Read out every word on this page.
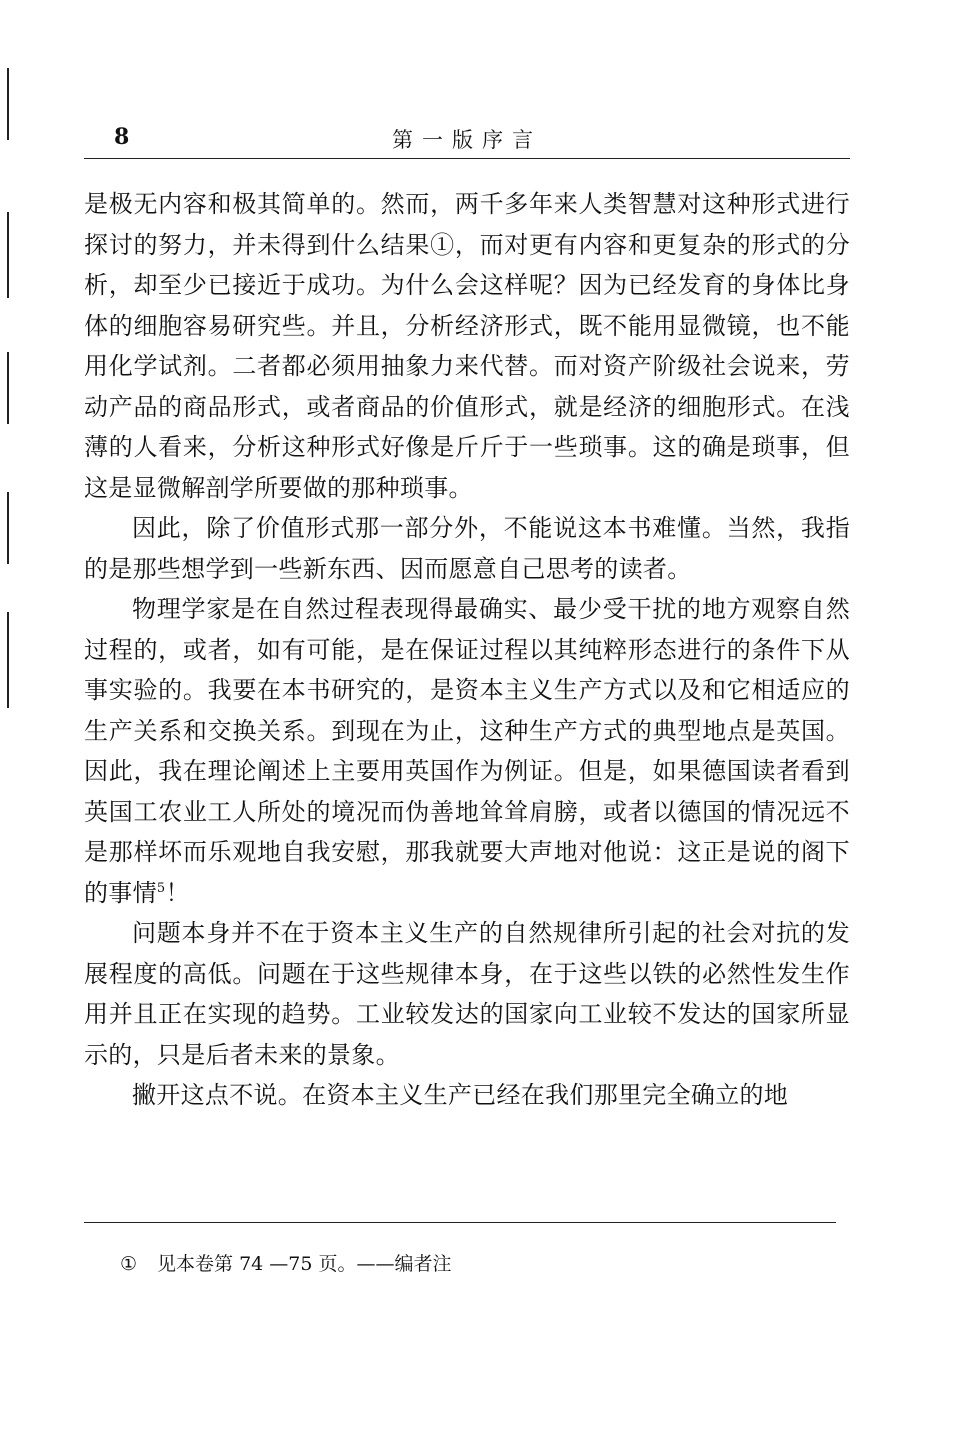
8	第一版序言

是极无内容和极其简单的。然而，两千多年来人类智慧对这种形式进行探讨的努力，并未得到什么结果①，而对更有内容和更复杂的形式的分析，却至少已接近于成功。为什么会这样呢？因为已经发育的身体比身体的细胞容易研究些。并且，分析经济形式，既不能用显微镜，也不能用化学试剂。二者都必须用抽象力来代替。而对资产阶级社会说来，劳动产品的商品形式，或者商品的价值形式，就是经济的细胞形式。在浅薄的人看来，分析这种形式好像是斤斤于一些琐事。这的确是琐事，但这是显微解剖学所要做的那种琐事。

因此，除了价值形式那一部分外，不能说这本书难懂。当然，我指的是那些想学到一些新东西、因而愿意自己思考的读者。

物理学家是在自然过程表现得最确实、最少受干扰的地方观察自然过程的，或者，如有可能，是在保证过程以其纯粹形态进行的条件下从事实验的。我要在本书研究的，是资本主义生产方式以及和它相适应的生产关系和交换关系。到现在为止，这种生产方式的典型地点是英国。因此，我在理论阐述上主要用英国作为例证。但是，如果德国读者看到英国工农业工人所处的境况而伪善地耸耸肩膀，或者以德国的情况远不是那样坏而乐观地自我安慰，那我就要大声地对他说：这正是说的阁下的事情$^5$！

问题本身并不在于资本主义生产的自然规律所引起的社会对抗的发展程度的高低。问题在于这些规律本身，在于这些以铁的必然性发生作用并且正在实现的趋势。工业较发达的国家向工业较不发达的国家所显示的，只是后者未来的景象。

撇开这点不说。在资本主义生产已经在我们那里完全确立的地

① 见本卷第 74 —75 页。——编者注
